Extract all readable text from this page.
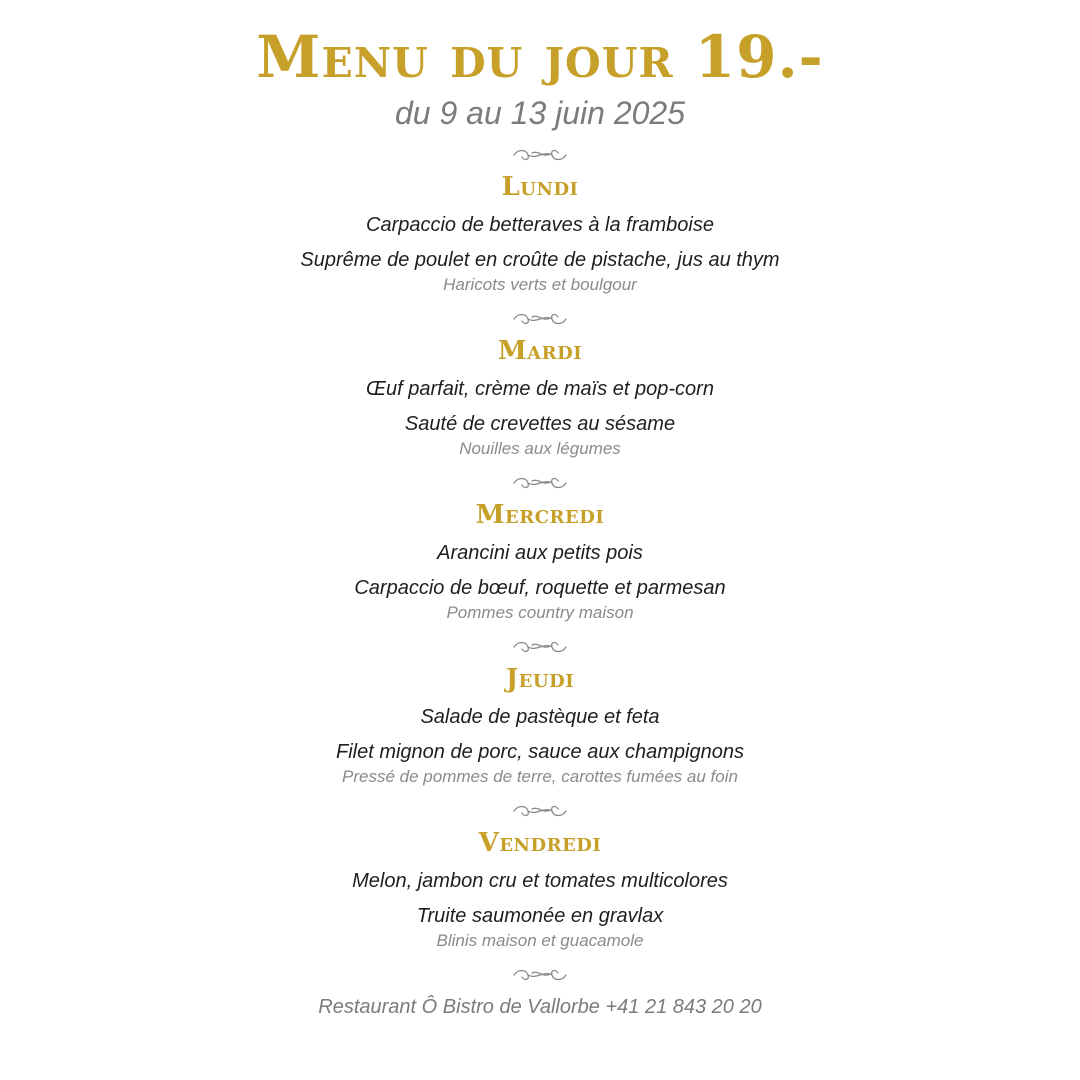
Menu du jour 19.-
du 9 au 13 juin 2025
Lundi
Carpaccio de betteraves à la framboise
Suprême de poulet en croûte de pistache, jus au thym
Haricots verts et boulgour
Mardi
Œuf parfait, crème de maïs et pop-corn
Sauté de crevettes au sésame
Nouilles aux légumes
Mercredi
Arancini aux petits pois
Carpaccio de bœuf, roquette et parmesan
Pommes country maison
Jeudi
Salade de pastèque et feta
Filet mignon de porc, sauce aux champignons
Pressé de pommes de terre, carottes fumées au foin
Vendredi
Melon, jambon cru et tomates multicolores
Truite saumonée en gravlax
Blinis maison et guacamole
Restaurant Ô Bistro de Vallorbe +41 21 843 20 20
